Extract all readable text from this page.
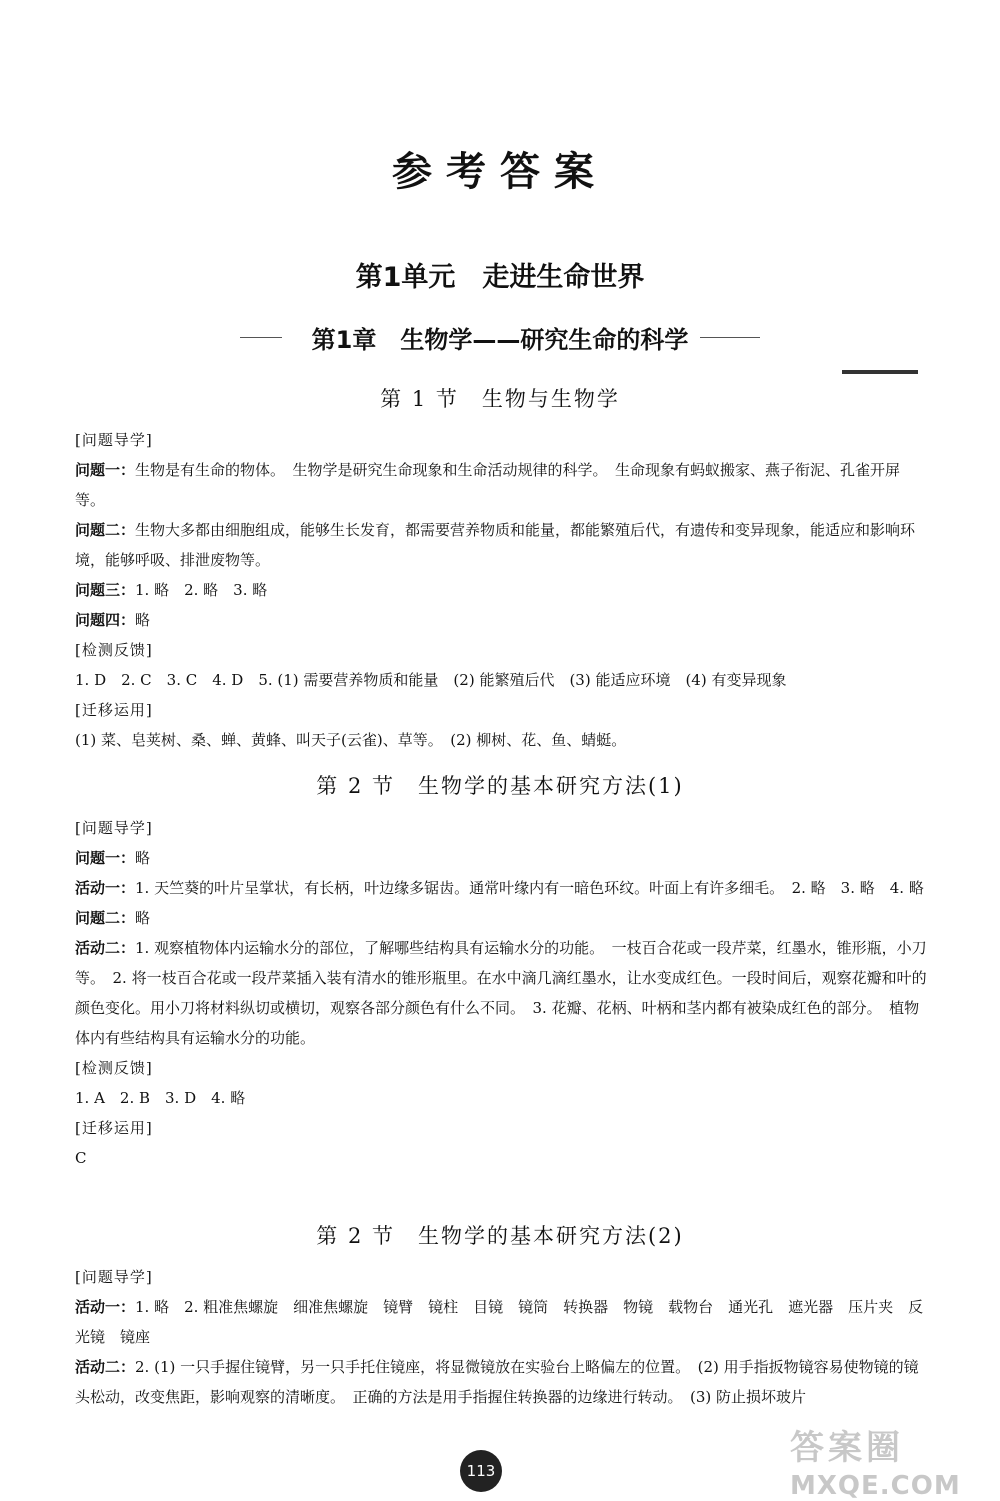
参考答案
第1单元　走进生命世界
第1章　生物学——研究生命的科学
第 1 节　生物与生物学

[问题导学]

问题一：生物是有生命的物体。　生物学是研究生命现象和生命活动规律的科学。　生命现象有蚂蚁搬家、燕子衔泥、孔雀开屏等。

问题二：生物大多都由细胞组成，能够生长发育，都需要营养物质和能量，都能繁殖后代，有遗传和变异现象，能适应和影响环境，能够呼吸、排泄废物等。

问题三：1. 略　2. 略　3. 略

问题四：略

[检测反馈]

1. D　2. C　3. C　4. D　5. (1) 需要营养物质和能量　(2) 能繁殖后代　(3) 能适应环境　(4) 有变异现象

[迁移运用]

(1) 菜、皂荚树、桑、蝉、黄蜂、叫天子(云雀)、草等。　(2) 柳树、花、鱼、蜻蜓。

第 2 节　生物学的基本研究方法(1)

[问题导学]

问题一：略

活动一：1. 天竺葵的叶片呈掌状，有长柄，叶边缘多锯齿。通常叶缘内有一暗色环纹。叶面上有许多细毛。　2. 略　3. 略　4. 略

问题二：略

活动二：1. 观察植物体内运输水分的部位，了解哪些结构具有运输水分的功能。　一枝百合花或一段芹菜，红墨水，锥形瓶，小刀等。　2. 将一枝百合花或一段芹菜插入装有清水的锥形瓶里。在水中滴几滴红墨水，让水变成红色。一段时间后，观察花瓣和叶的颜色变化。用小刀将材料纵切或横切，观察各部分颜色有什么不同。　3. 花瓣、花柄、叶柄和茎内都有被染成红色的部分。　植物体内有些结构具有运输水分的功能。

[检测反馈]

1. A　2. B　3. D　4. 略

[迁移运用]

C

第 2 节　生物学的基本研究方法(2)

[问题导学]

活动一：1. 略　2. 粗准焦螺旋　细准焦螺旋　镜臂　镜柱　目镜　镜筒　转换器　物镜　载物台　通光孔　遮光器　压片夹　反光镜　镜座

活动二：2. (1) 一只手握住镜臂，另一只手托住镜座，将显微镜放在实验台上略偏左的位置。　(2) 用手指扳物镜容易使物镜的镜头松动，改变焦距，影响观察的清晰度。　正确的方法是用手指握住转换器的边缘进行转动。　(3) 防止损坏玻片

113
答案圈
MXQE.COM
